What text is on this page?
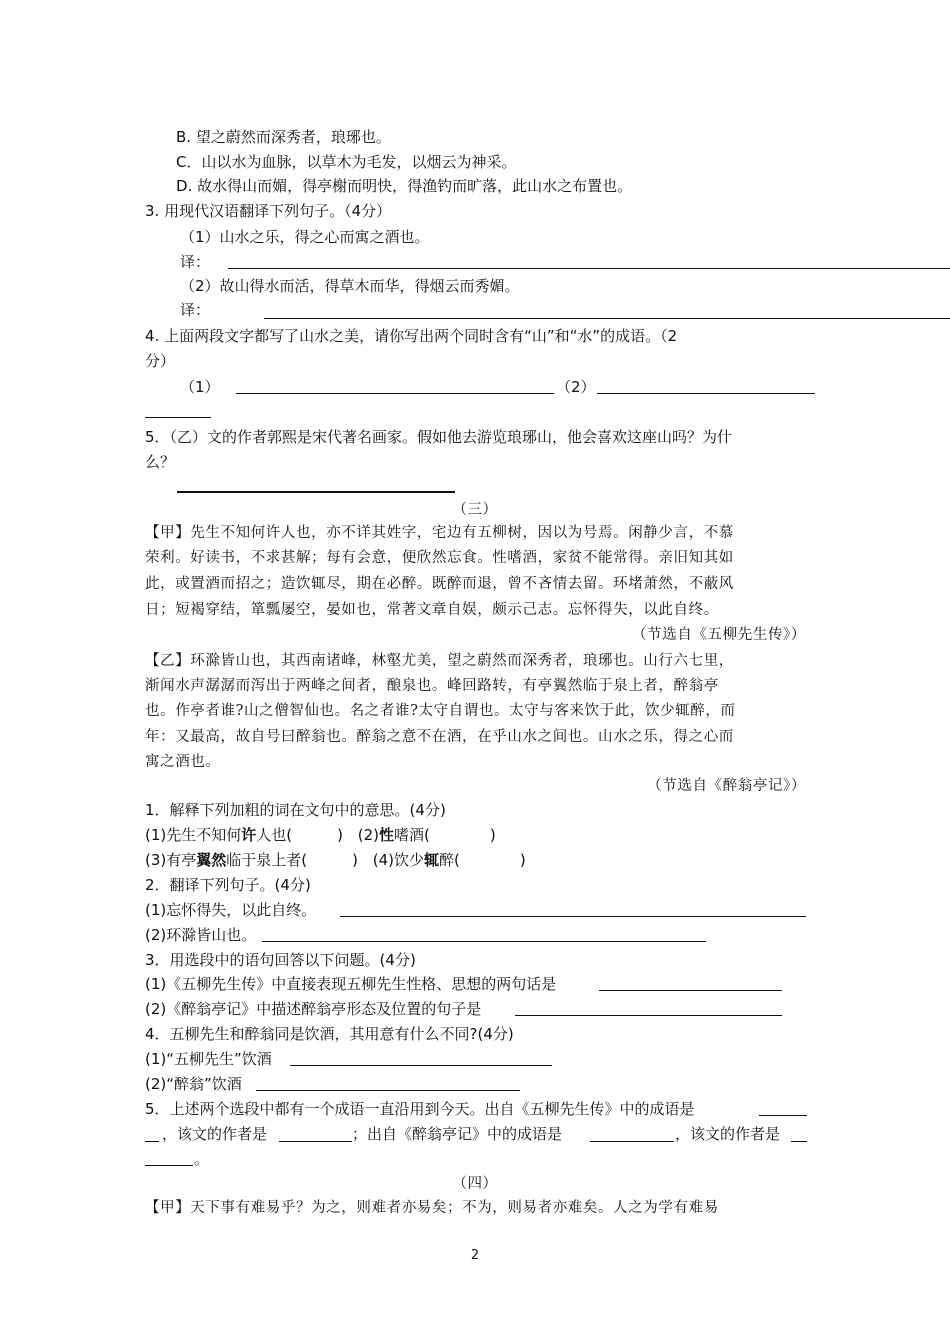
B. 望之蔚然而深秀者，琅琊也。
C．山以水为血脉，以草木为毛发，以烟云为神采。
D. 故水得山而媚，得亭榭而明快，得渔钓而旷落，此山水之布置也。
3. 用现代汉语翻译下列句子。（4分）
（1）山水之乐，得之心而寓之酒也。
译：
（2）故山得水而活，得草木而华，得烟云而秀媚。
译：
4. 上面两段文字都写了山水之美，请你写出两个同时含有“山”和“水”的成语。（2
分）
（1）	（2）
5．（乙）文的作者郭熙是宋代著名画家。假如他去游览琅琊山，他会喜欢这座山吗？为什
么？
（三）
【甲】先生不知何许人也，亦不详其姓字，宅边有五柳树，因以为号焉。闲静少言，不慕
荣利。好读书，不求甚解；每有会意，便欣然忘食。性嗜酒，家贫不能常得。亲旧知其如
此，或置酒而招之；造饮辄尽，期在必醉。既醉而退，曾不吝情去留。环堵萧然，不蔽风
日；短褐穿结，箪瓢屡空，晏如也，常著文章自娱，颇示己志。忘怀得失，以此自终。
（节选自《五柳先生传》）
【乙】环滁皆山也，其西南诸峰，林壑尤美，望之蔚然而深秀者，琅琊也。山行六七里，
渐闻水声潺潺而泻出于两峰之间者，酿泉也。峰回路转，有亭翼然临于泉上者，醉翁亭
也。作亭者谁?山之僧智仙也。名之者谁?太守自谓也。太守与客来饮于此，饮少辄醉，而
年：又最高，故自号曰醉翁也。醉翁之意不在酒，在乎山水之间也。山水之乐，得之心而
寓之酒也。
（节选自《醉翁亭记》）
1．解释下列加粗的词在文句中的意思。(4分)
(1)先生不知何许人也(　　　) (2)性嗜酒(　　　　)
(3)有亭翼然临于泉上者(　　　) (4)饮少辄醉(　　　　)
2．翻译下列句子。(4分)
(1)忘怀得失，以此自终。
(2)环滁皆山也。
3．用选段中的语句回答以下问题。(4分)
(1)《五柳先生传》中直接表现五柳先生性格、思想的两句话是
(2)《醉翁亭记》中描述醉翁亭形态及位置的句子是
4．五柳先生和醉翁同是饮酒，其用意有什么不同?(4分)
(1)“五柳先生”饮酒
(2)“醉翁”饮酒
5．上述两个选段中都有一个成语一直沿用到今天。出自《五柳先生传》中的成语是
，该文的作者是	；出自《醉翁亭记》中的成语是	，该文的作者是
。
（四）
【甲】天下事有难易乎？为之，则难者亦易矣；不为，则易者亦难矣。人之为学有难易
2
